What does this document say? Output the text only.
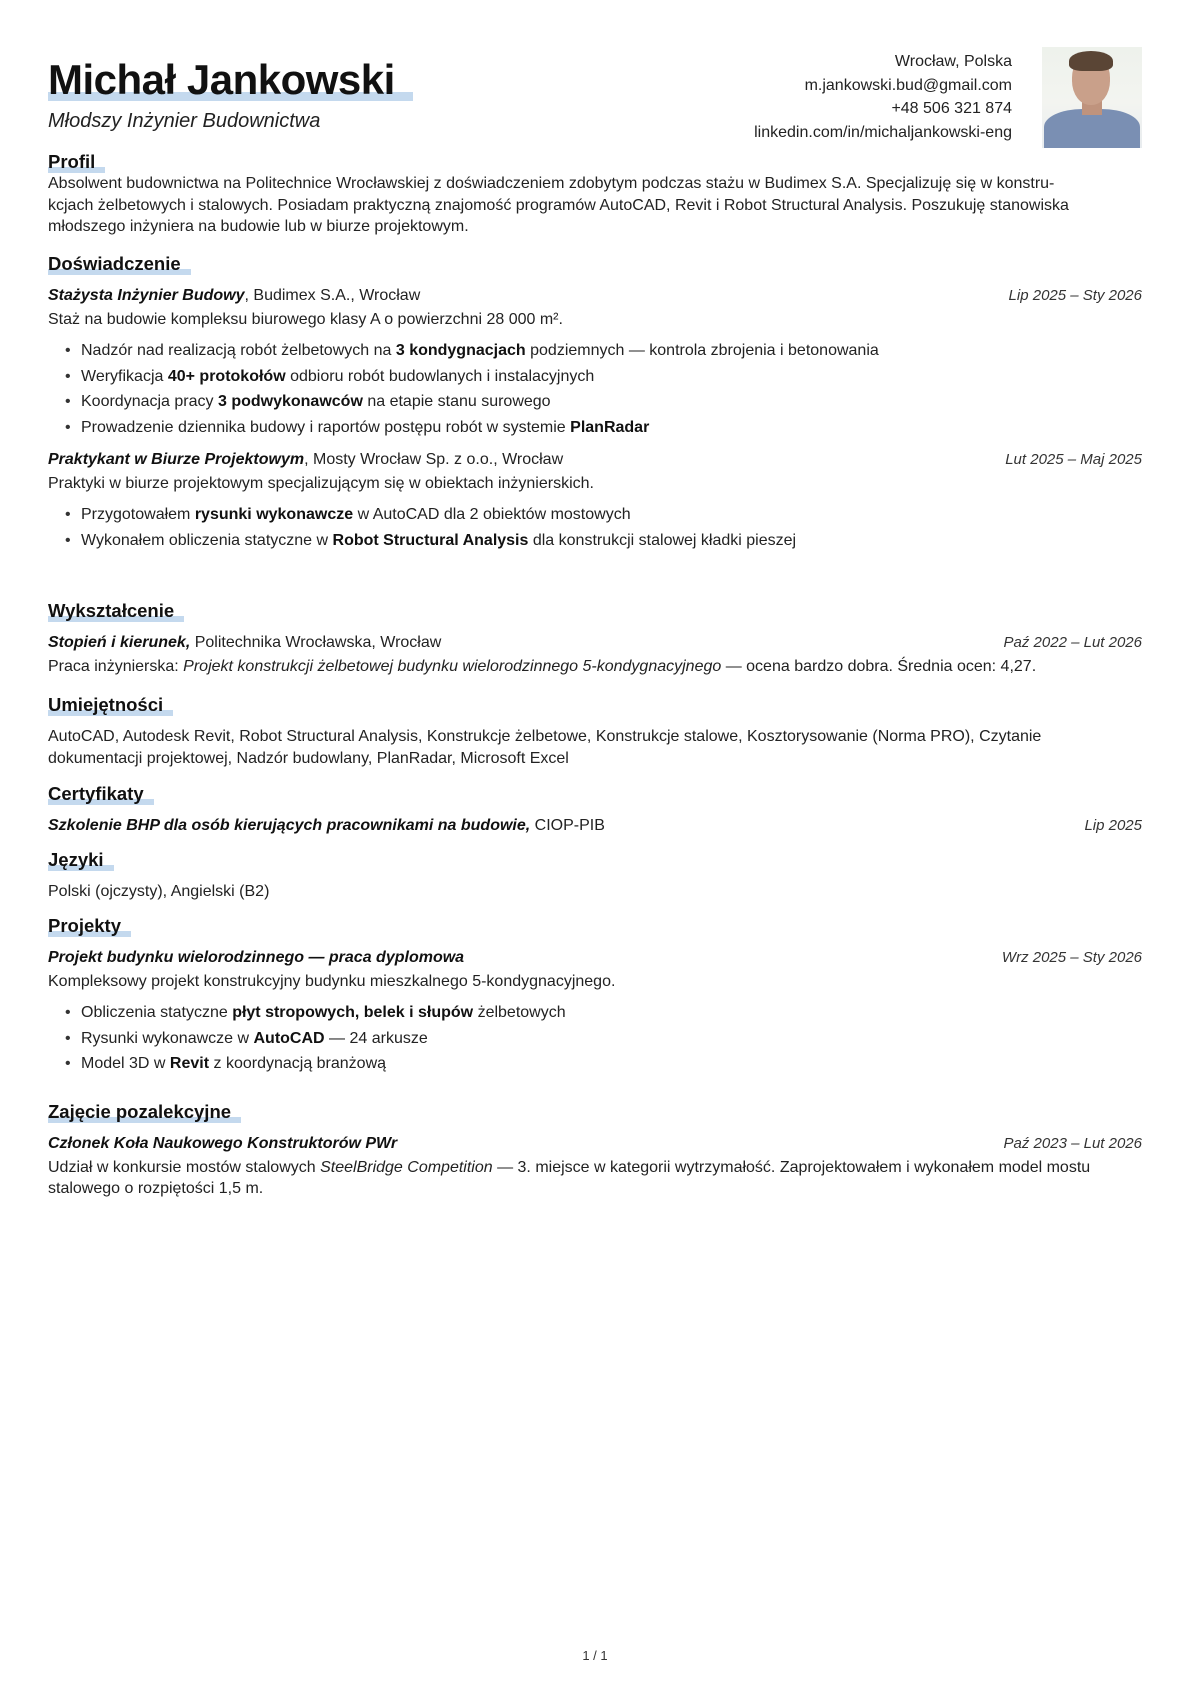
Michał Jankowski
Młodszy Inżynier Budownictwa
Wrocław, Polska
m.jankowski.bud@gmail.com
+48 506 321 874
linkedin.com/in/michaljankowski-eng
Profil
Absolwent budownictwa na Politechnice Wrocławskiej z doświadczeniem zdobytym podczas stażu w Budimex S.A. Specjalizuję się w konstru-
kcjach żelbetowych i stalowych. Posiadam praktyczną znajomość programów AutoCAD, Revit i Robot Structural Analysis. Poszukuję stanowiska
młodszego inżyniera na budowie lub w biurze projektowym.
Doświadczenie
Stażysta Inżynier Budowy, Budimex S.A., Wrocław	Lip 2025 – Sty 2026
Staż na budowie kompleksu biurowego klasy A o powierzchni 28 000 m².
• Nadzór nad realizacją robót żelbetowych na 3 kondygnacjach podziemnych — kontrola zbrojenia i betonowania
• Weryfikacja 40+ protokołów odbioru robót budowlanych i instalacyjnych
• Koordynacja pracy 3 podwykonawców na etapie stanu surowego
• Prowadzenie dziennika budowy i raportów postępu robót w systemie PlanRadar
Praktykant w Biurze Projektowym, Mosty Wrocław Sp. z o.o., Wrocław	Lut 2025 – Maj 2025
Praktyki w biurze projektowym specjalizującym się w obiektach inżynierskich.
• Przygotowałem rysunki wykonawcze w AutoCAD dla 2 obiektów mostowych
• Wykonałem obliczenia statyczne w Robot Structural Analysis dla konstrukcji stalowej kładki pieszej
Wykształcenie
Stopień i kierunek, Politechnika Wrocławska, Wrocław	Paź 2022 – Lut 2026
Praca inżynierska: Projekt konstrukcji żelbetowej budynku wielorodzinnego 5-kondygnacyjnego — ocena bardzo dobra. Średnia ocen: 4,27.
Umiejętności
AutoCAD, Autodesk Revit, Robot Structural Analysis, Konstrukcje żelbetowe, Konstrukcje stalowe, Kosztorysowanie (Norma PRO), Czytanie
dokumentacji projektowej, Nadzór budowlany, PlanRadar, Microsoft Excel
Certyfikaty
Szkolenie BHP dla osób kierujących pracownikami na budowie, CIOP-PIB	Lip 2025
Języki
Polski (ojczysty), Angielski (B2)
Projekty
Projekt budynku wielorodzinnego — praca dyplomowa	Wrz 2025 – Sty 2026
Kompleksowy projekt konstrukcyjny budynku mieszkalnego 5-kondygnacyjnego.
• Obliczenia statyczne płyt stropowych, belek i słupów żelbetowych
• Rysunki wykonawcze w AutoCAD — 24 arkusze
• Model 3D w Revit z koordynacją branżową
Zajęcie pozalekcyjne
Członek Koła Naukowego Konstruktorów PWr	Paź 2023 – Lut 2026
Udział w konkursie mostów stalowych SteelBridge Competition — 3. miejsce w kategorii wytrzymałość. Zaprojektowałem i wykonałem model mostu
stalowego o rozpiętości 1,5 m.
1 / 1
